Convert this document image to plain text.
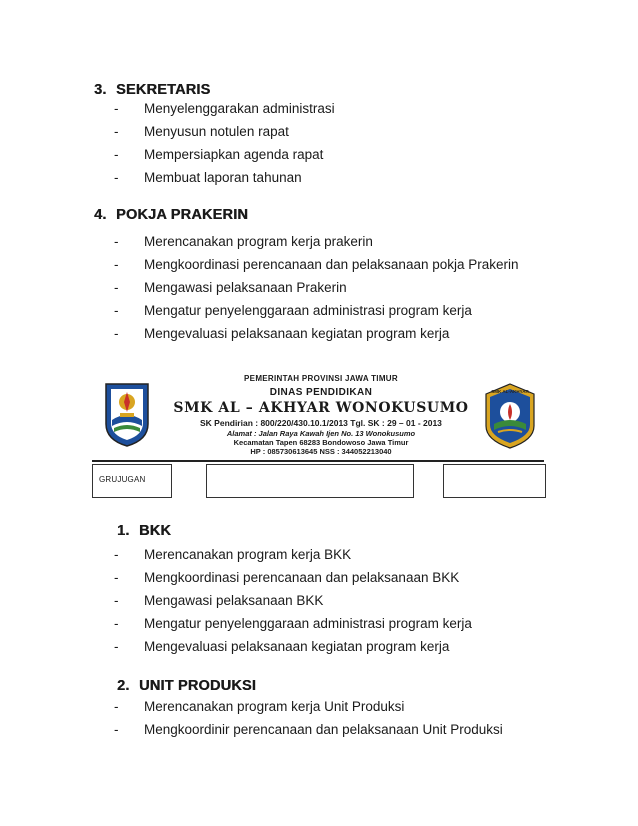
3. SEKRETARIS
- Menyelenggarakan administrasi
- Menyusun notulen rapat
- Mempersiapkan agenda rapat
- Membuat laporan tahunan
4. POKJA PRAKERIN
- Merencanakan program kerja prakerin
- Mengkoordinasi perencanaan dan pelaksanaan pokja Prakerin
- Mengawasi pelaksanaan Prakerin
- Mengatur penyelenggaraan administrasi program kerja
- Mengevaluasi pelaksanaan kegiatan program kerja
PEMERINTAH PROVINSI JAWA TIMUR
DINAS PENDIDIKAN
SMK AL – AKHYAR WONOKUSUMO
SK Pendirian : 800/220/430.10.1/2013 Tgl. SK : 29 – 01 - 2013
Alamat : Jalan Raya Kawah Ijen No. 13 Wonokusumo
Kecamatan Tapen 68283 Bondowoso Jawa Timur
HP : 085730613645 NSS : 344052213040
SMK AL-AKHYAR
GRUJUGAN
1. BKK
- Merencanakan program kerja BKK
- Mengkoordinasi perencanaan dan pelaksanaan BKK
- Mengawasi pelaksanaan BKK
- Mengatur penyelenggaraan administrasi program kerja
- Mengevaluasi pelaksanaan kegiatan program kerja
2. UNIT PRODUKSI
- Merencanakan program kerja Unit Produksi
- Mengkoordinir perencanaan dan pelaksanaan Unit Produksi
